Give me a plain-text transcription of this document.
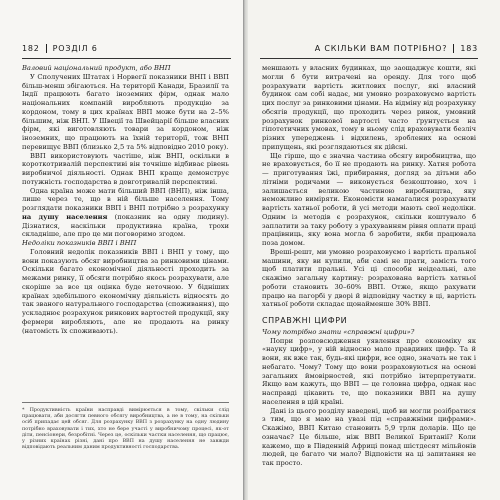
182 РОЗДІЛ 6

Валовий національний продукт, або ВНП

У Сполучених Штатах і Норвегії показники ВНП і ВВП більш-менш збігаються. На території Канади, Бразилії та Індії працюють багато іноземних фірм, однак мало національних компаній виробляють продукцію за кордоном, тому в цих країнах ВВП може бути на 2–5% більшим, ніж ВНП. У Швеції та Швейцарії більше власних фірм, які виготовляють товари за кордоном, ніж іноземних, що працюють на їхній території, тож ВНП перевищує ВВП (близько 2,5 та 5% відповідно 2010 року).

ВВП використовують частіше, ніж ВНП, оскільки в короткотривалій перспективі він точніше відбиває рівень виробничої діяльності. Однак ВНП краще демонструє потужність господарства в довготривалій перспективі.

Одна країна може мати більший ВВП (ВНП), ніж інша, лише через те, що в ній більше населення. Тому розглядати показники ВВП і ВНП потрібно з розрахунку на душу населення (показник на одну людину). Дізнатися, наскільки продуктивна країна, трохи складніше, але про це ми поговоримо згодом.

Недоліки показників ВВП і ВНП

Головний недолік показників ВВП і ВНП у тому, що вони показують обсяг виробництва за ринковими цінами. Оскільки багато економічної діяльності проходить за межами ринку, її обсяги потрібно якось розрахувати, але скоріше за все ця оцінка буде неточною. У бідніших країнах здебільшого економічну діяльність відносять до так званого натурального господарства (споживання), що ускладнює розрахунок ринкових вартостей продукції, яку фермери виробляють, але не продають на ринку (натомість їх споживають).

* Продуктивність країни насправді вимірюється в тому, скільки слід працювати, аби досягти певного обсягу виробництва, а не в тому, на скільки осіб припадає цей обсяг. Для розрахунку ВВП з розрахунку на одну людину потрібно враховувати і тих, хто не бере участі у виробничому процесі, як-от діти, пенсіонери, безробітні. Через це, оскільки частки населення, що працює, у різних країнах різні, дані про ВВП на душу населення не завжди відповідають реальним даним продуктивності господарства.
А СКІЛЬКИ ВАМ ПОТРІБНО? 183

меншають у власних будинках, що заощаджує кошти, які могли б бути витрачені на оренду. Для того щоб розрахувати вартість житлових послуг, які власний будинок сам собі надає, ми умовно розраховуємо вартість цих послуг за ринковими цінами. На відміну від розрахунку обсягів продукції, що проходить через ринок, умовний розрахунок ринкової вартості часто ґрунтується на гіпотетичних умовах, тому в ньому слід враховувати безліч різних упереджень і відхилень, зроблених на основі припущень, які розглядаються як дійсні.

Ще гірше, що є значна частина обсягу виробництва, що не враховується, бо її не продають на ринку. Хатня робота — приготування їжі, прибирання, догляд за дітьми або літніми родичами — виконується безкоштовно, хоч і залишається великою частиною виробництва, яку неможливо виміряти. Економісти намагалися розрахувати вартість хатньої роботи, й усі методи мають свої недоліки. Одним із методів є розрахунок, скільки коштувало б заплатити за таку роботу з урахуванням рівня оплати праці працівниць, яку вона могла б заробити, якби працювала поза домом.

Вреші-решт, ми умовно розраховуємо і вартість пральної машини, яку ви купили, аби самі не прати, замість того щоб платити пральні. Усі ці способи неідеальні, але скажімо загальну картину: розрахована вартість хатньої роботи становить 30–60% ВВП. Отже, якщо рахувати працю на пагорбі у дворі й відповідну частку в ці, вартість хатньої роботи складає щонайменше 30% ВВП.

СПРАВЖНІ ЦИФРИ

Чому потрібно знати «справжні цифри»?

Попри розповсюдження уявлення про економіку як «науку цифр», у ній відносно мало правдивих цифр. Та й вони, як вже так, будь-які цифри, все одно, значать не так і небагато. Чому? Тому що вони розраховуються на основі загальних ймовірностей, які потрібно інтерпретувати. Якщо вам кажуть, що ВВП — це головна цифра, однак нас насправді цікавить те, що показники ВВП на душу населення в цій країні.

Дані із цього розділу наведені, щоб ви могли розібратися з тим, що я маю на увазі під «справжніми цифрами». Скажімо, ВВП Китаю становить 5,9 трлн доларів. Що це означає? Це більше, ніж ВВП Великої Британії? Коли кажемо, що в Південній Африці понад шістдесят мільйонів людей, це багато чи мало? Відповісти на ці запитання не так просто.
